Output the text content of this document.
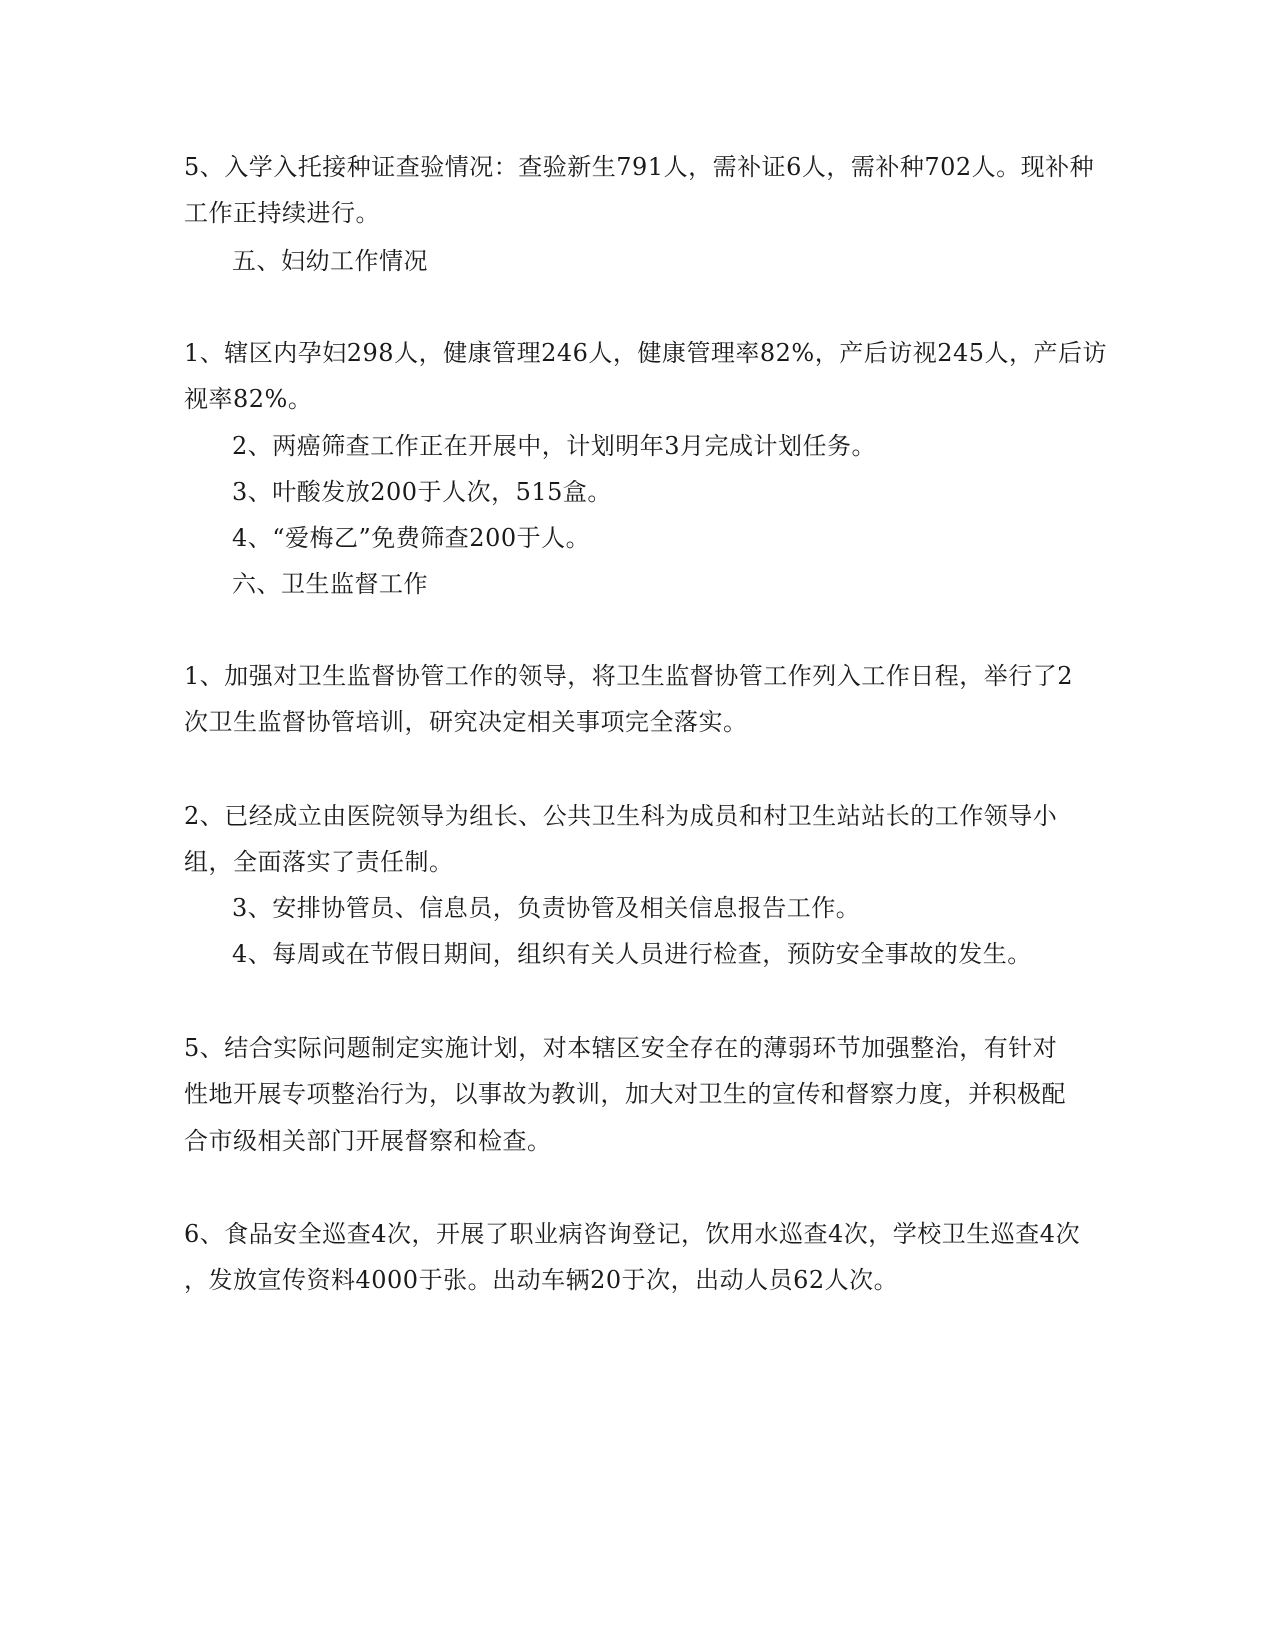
5、入学入托接种证查验情况：查验新生791人，需补证6人，需补种702人。现补种
工作正持续进行。
五、妇幼工作情况
1、辖区内孕妇298人，健康管理246人，健康管理率82%，产后访视245人，产后访
视率82%。
2、两癌筛查工作正在开展中，计划明年3月完成计划任务。
3、叶酸发放200于人次，515盒。
4、“爱梅乙”免费筛查200于人。
六、卫生监督工作
1、加强对卫生监督协管工作的领导，将卫生监督协管工作列入工作日程，举行了2
次卫生监督协管培训，研究决定相关事项完全落实。
2、已经成立由医院领导为组长、公共卫生科为成员和村卫生站站长的工作领导小
组，全面落实了责任制。
3、安排协管员、信息员，负责协管及相关信息报告工作。
4、每周或在节假日期间，组织有关人员进行检查，预防安全事故的发生。
5、结合实际问题制定实施计划，对本辖区安全存在的薄弱环节加强整治，有针对
性地开展专项整治行为，以事故为教训，加大对卫生的宣传和督察力度，并积极配
合市级相关部门开展督察和检查。
6、食品安全巡查4次，开展了职业病咨询登记，饮用水巡查4次，学校卫生巡查4次
，发放宣传资料4000于张。出动车辆20于次，出动人员62人次。
